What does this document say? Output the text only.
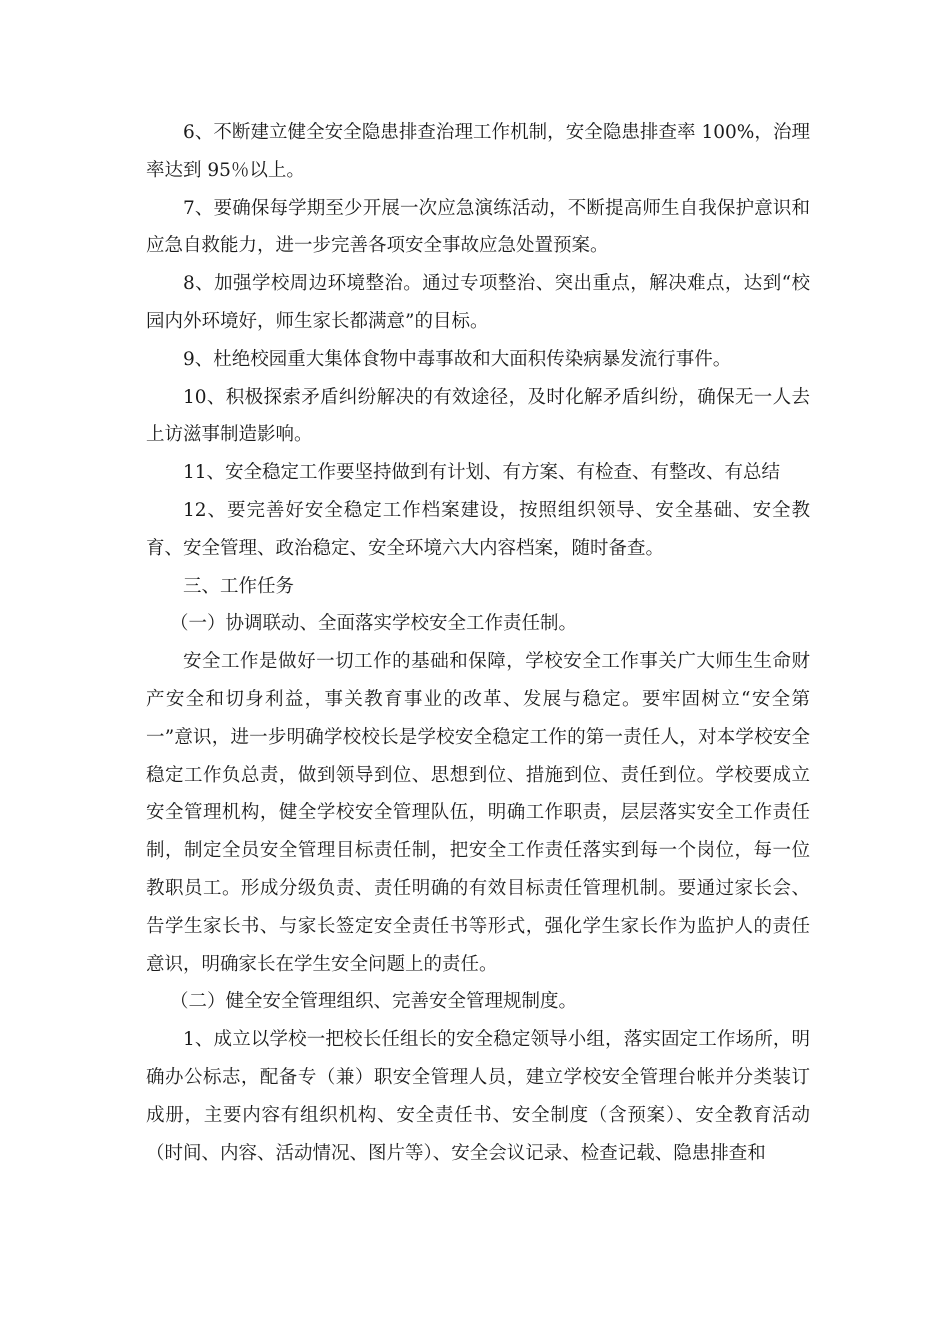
6、不断建立健全安全隐患排查治理工作机制，安全隐患排查率 100%，治理率达到 95％以上。

7、要确保每学期至少开展一次应急演练活动，不断提高师生自我保护意识和应急自救能力，进一步完善各项安全事故应急处置预案。

8、加强学校周边环境整治。通过专项整治、突出重点，解决难点，达到“校园内外环境好，师生家长都满意”的目标。

9、杜绝校园重大集体食物中毒事故和大面积传染病暴发流行事件。

10、积极探索矛盾纠纷解决的有效途径，及时化解矛盾纠纷，确保无一人去上访滋事制造影响。

11、安全稳定工作要坚持做到有计划、有方案、有检查、有整改、有总结

12、要完善好安全稳定工作档案建设，按照组织领导、安全基础、安全教育、安全管理、政治稳定、安全环境六大内容档案，随时备查。

三、工作任务

（一）协调联动、全面落实学校安全工作责任制。

安全工作是做好一切工作的基础和保障，学校安全工作事关广大师生生命财产安全和切身利益，事关教育事业的改革、发展与稳定。要牢固树立“安全第一”意识，进一步明确学校校长是学校安全稳定工作的第一责任人，对本学校安全稳定工作负总责，做到领导到位、思想到位、措施到位、责任到位。学校要成立安全管理机构，健全学校安全管理队伍，明确工作职责，层层落实安全工作责任制，制定全员安全管理目标责任制，把安全工作责任落实到每一个岗位，每一位教职员工。形成分级负责、责任明确的有效目标责任管理机制。要通过家长会、告学生家长书、与家长签定安全责任书等形式，强化学生家长作为监护人的责任意识，明确家长在学生安全问题上的责任。

（二）健全安全管理组织、完善安全管理规制度。

1、成立以学校一把校长任组长的安全稳定领导小组，落实固定工作场所，明确办公标志，配备专（兼）职安全管理人员，建立学校安全管理台帐并分类装订成册，主要内容有组织机构、安全责任书、安全制度（含预案）、安全教育活动（时间、内容、活动情况、图片等）、安全会议记录、检查记载、隐患排查和
